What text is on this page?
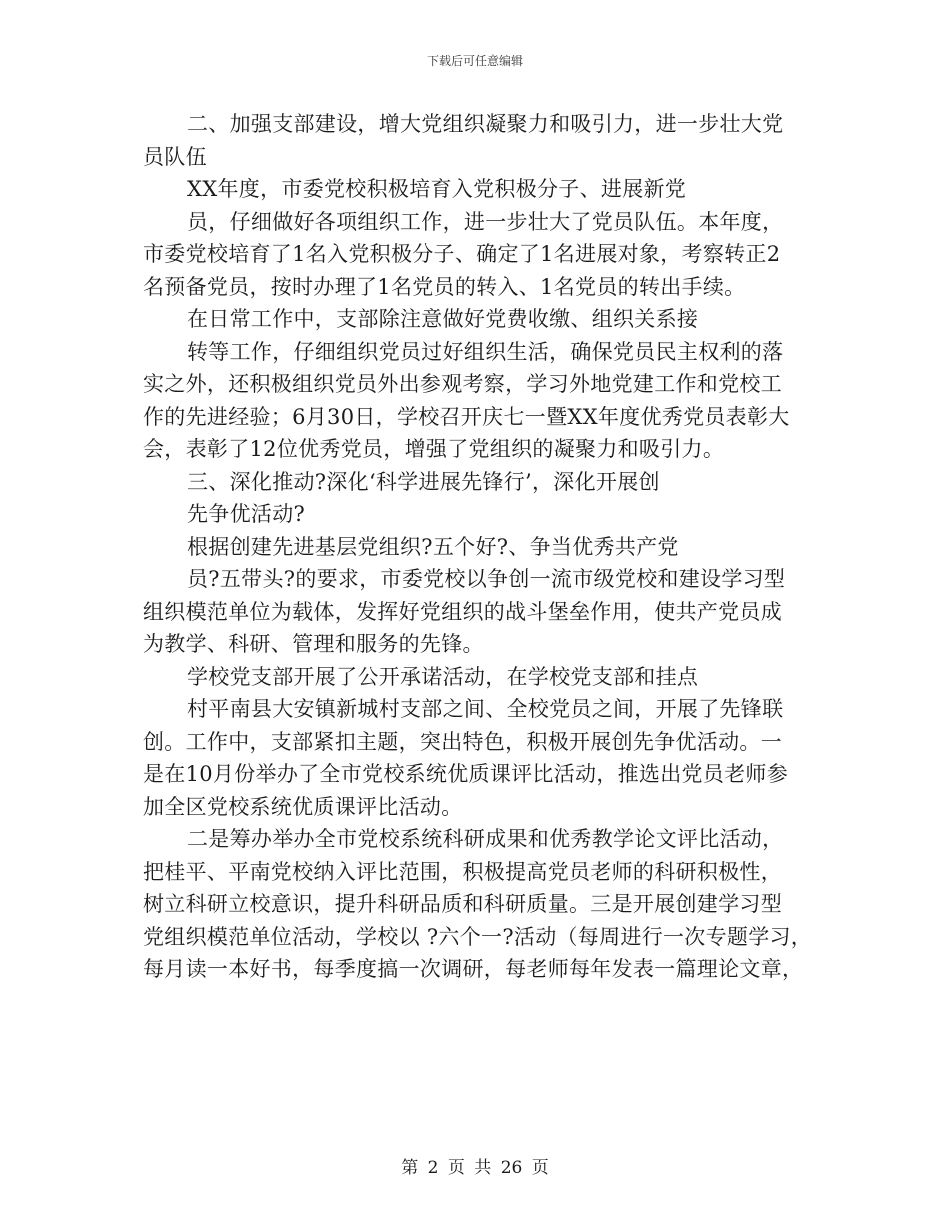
下载后可任意编辑
二、加强支部建设，增大党组织凝聚力和吸引力，进一步壮大党
员队伍
XX年度，市委党校积极培育入党积极分子、进展新党
员，仔细做好各项组织工作，进一步壮大了党员队伍。本年度，
市委党校培育了1名入党积极分子、确定了1名进展对象，考察转正2
名预备党员，按时办理了1名党员的转入、1名党员的转出手续。
在日常工作中，支部除注意做好党费收缴、组织关系接
转等工作，仔细组织党员过好组织生活，确保党员民主权利的落
实之外，还积极组织党员外出参观考察，学习外地党建工作和党校工
作的先进经验；6月30日，学校召开庆七一暨XX年度优秀党员表彰大
会，表彰了12位优秀党员，增强了党组织的凝聚力和吸引力。
三、深化推动?深化‘科学进展先锋行’，深化开展创
先争优活动?
根据创建先进基层党组织?五个好?、争当优秀共产党
员?五带头?的要求，市委党校以争创一流市级党校和建设学习型
组织模范单位为载体，发挥好党组织的战斗堡垒作用，使共产党员成
为教学、科研、管理和服务的先锋。
学校党支部开展了公开承诺活动，在学校党支部和挂点
村平南县大安镇新城村支部之间、全校党员之间，开展了先锋联
创。工作中，支部紧扣主题，突出特色，积极开展创先争优活动。一
是在10月份举办了全市党校系统优质课评比活动，推选出党员老师参
加全区党校系统优质课评比活动。
二是筹办举办全市党校系统科研成果和优秀教学论文评比活动，
把桂平、平南党校纳入评比范围，积极提高党员老师的科研积极性，
树立科研立校意识，提升科研品质和科研质量。三是开展创建学习型
党组织模范单位活动，学校以 ?六个一?活动（每周进行一次专题学习，
每月读一本好书，每季度搞一次调研，每老师每年发表一篇理论文章，
第 2 页 共 26 页
